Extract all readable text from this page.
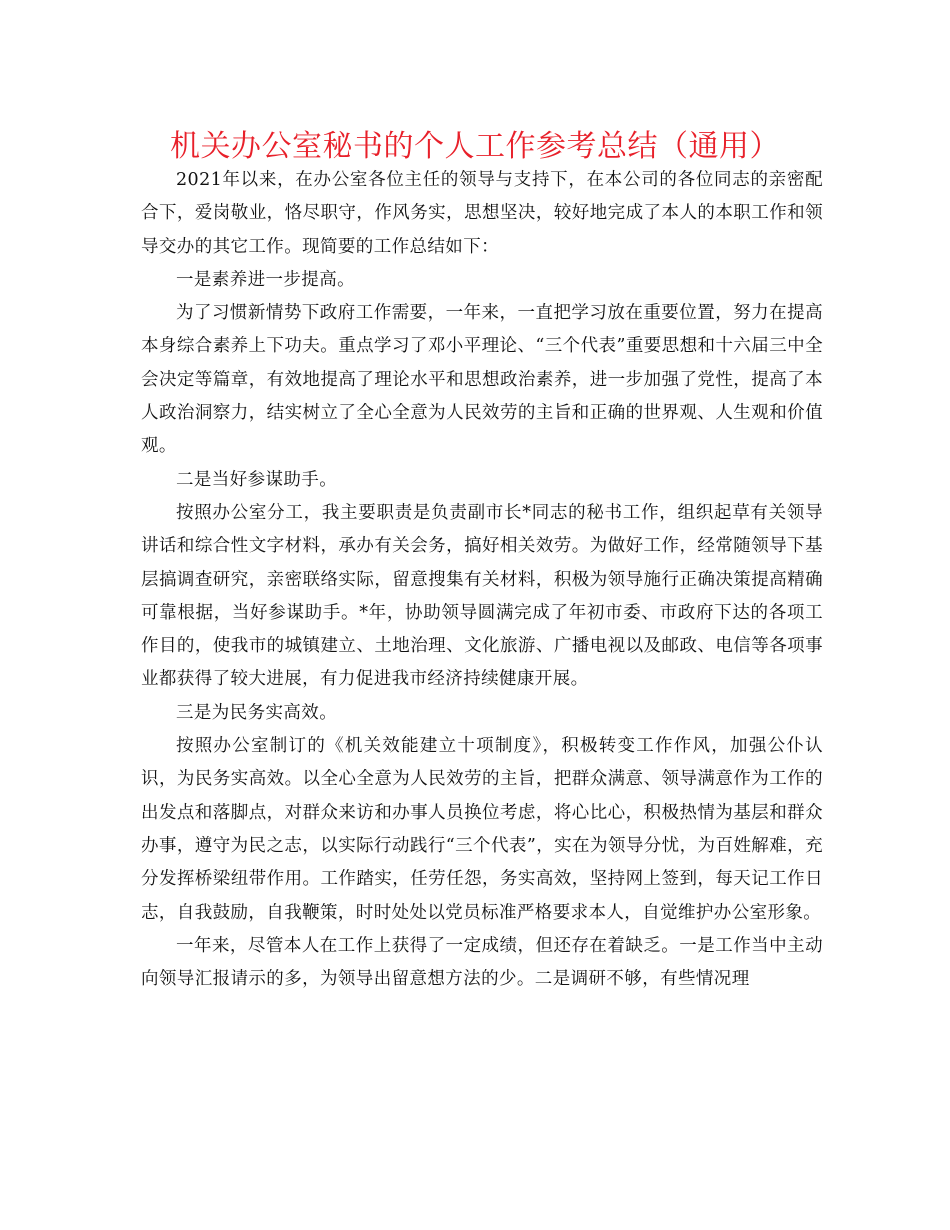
机关办公室秘书的个人工作参考总结（通用）

2021年以来，在办公室各位主任的领导与支持下，在本公司的各位同志的亲密配合下，爱岗敬业，恪尽职守，作风务实，思想坚决，较好地完成了本人的本职工作和领导交办的其它工作。现简要的工作总结如下：

一是素养进一步提高。

为了习惯新情势下政府工作需要，一年来，一直把学习放在重要位置，努力在提高本身综合素养上下功夫。重点学习了邓小平理论、“三个代表”重要思想和十六届三中全会决定等篇章，有效地提高了理论水平和思想政治素养，进一步加强了党性，提高了本人政治洞察力，结实树立了全心全意为人民效劳的主旨和正确的世界观、人生观和价值观。

二是当好参谋助手。

按照办公室分工，我主要职责是负责副市长*同志的秘书工作，组织起草有关领导讲话和综合性文字材料，承办有关会务，搞好相关效劳。为做好工作，经常随领导下基层搞调查研究，亲密联络实际，留意搜集有关材料，积极为领导施行正确决策提高精确可靠根据，当好参谋助手。*年，协助领导圆满完成了年初市委、市政府下达的各项工作目的，使我市的城镇建立、土地治理、文化旅游、广播电视以及邮政、电信等各项事业都获得了较大进展，有力促进我市经济持续健康开展。

三是为民务实高效。

按照办公室制订的《机关效能建立十项制度》，积极转变工作作风，加强公仆认识，为民务实高效。以全心全意为人民效劳的主旨，把群众满意、领导满意作为工作的出发点和落脚点，对群众来访和办事人员换位考虑，将心比心，积极热情为基层和群众办事，遵守为民之志，以实际行动践行“三个代表”，实在为领导分忧，为百姓解难，充分发挥桥梁纽带作用。工作踏实，任劳任怨，务实高效，坚持网上签到，每天记工作日志，自我鼓励，自我鞭策，时时处处以党员标准严格要求本人，自觉维护办公室形象。

一年来，尽管本人在工作上获得了一定成绩，但还存在着缺乏。一是工作当中主动向领导汇报请示的多，为领导出留意想方法的少。二是调研不够，有些情况理
